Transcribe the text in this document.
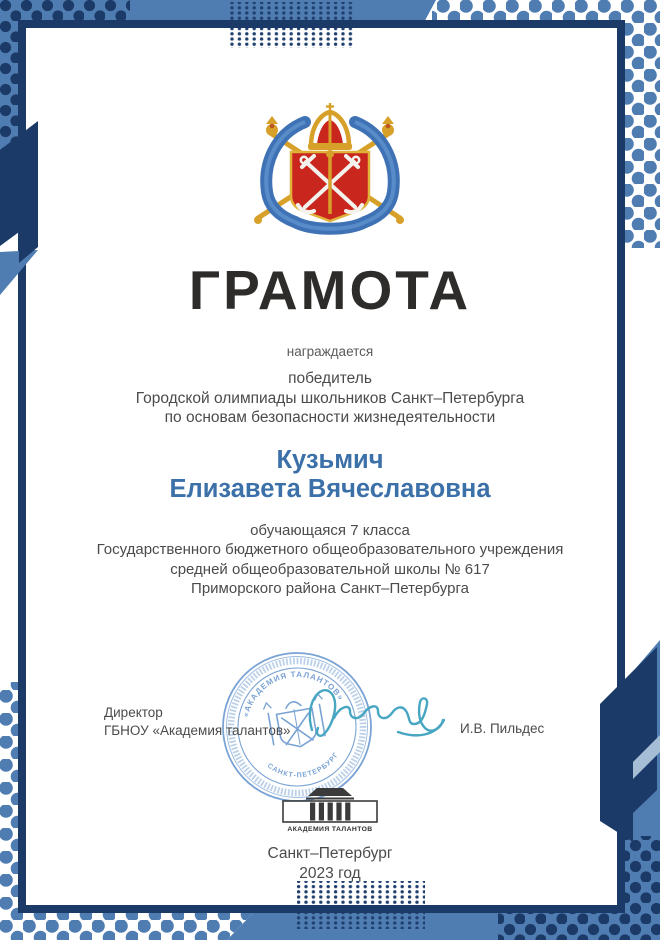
ГРАМОТА
награждается
победитель
Городской олимпиады школьников Санкт–Петербурга
по основам безопасности жизнедеятельности
Кузьмич
Елизавета Вячеславовна
обучающаяся 7 класса
Государственного бюджетного общеобразовательного учреждения
средней общеобразовательной школы № 617
Приморского района Санкт–Петербурга
«АКАДЕМИЯ ТАЛАНТОВ»
САНКТ-ПЕТЕРБУРГ
Директор
ГБНОУ «Академия талантов»	И.В. Пильдес
АКАДЕМИЯ ТАЛАНТОВ
Санкт–Петербург
2023 год
